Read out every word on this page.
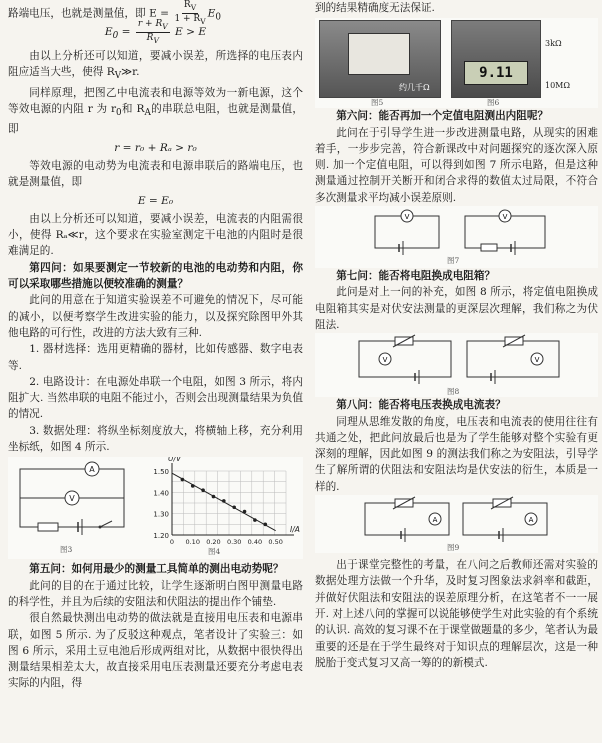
路端电压，也就是测量值，即 $E = \frac{R_V}{1 + R_V} E_0$

$E_0 = \frac{r + R_V}{R_V}$ E > E

由以上分析还可以知道，要减小误差，所选择的电压表内阻应适当大些，使得 $R_V≫r$.

同样原理，把图乙中电流表和电源等效为一新电源，这个等效电源的内阻 r 为 $r_0$和 $R_A$的串联总电阻，也就是测量值，即

r = r₀ + Rₐ > r₀

等效电源的电动势为电流表和电源串联后的路端电压，也就是测量值，即

E = E₀

由以上分析还可以知道，要减小误差，电流表的内阻需很小，使得 Rₐ≪r，这个要求在实验室测定干电池的内阻时是很难满足的.

第四问：如果要测定一节较新的电池的电动势和内阻，你可以采取哪些措施以便较准确的测量？

此问的用意在于知道实验误差不可避免的情况下，尽可能的减小，以便考察学生改进实验的能力，以及探究除图甲外其他电路的可行性，改进的方法大致有三种.

1. 器材选择：选用更精确的器材，比如传感器、数字电表等.

2. 电路设计：在电源处串联一个电阻，如图 3 所示，将内阻扩大. 当然串联的电阻不能过小，否则会出现测量结果为负值的情况.

3. 数据处理：将纵坐标刻度放大，将横轴上移，充分利用坐标纸，如图 4 所示.

A
V
图3
1.50
1.40
1.30
1.20
0 0.10 0.20 0.30 0.40 0.50
U/V
I/A
图4

第五问：如何用最少的测量工具简单的测出电动势呢？

此问的目的在于通过比较，让学生逐渐明白图甲测量电路的科学性，并且为后续的安阻法和伏阻法的提出作个铺垫.

很自然最快测出电动势的做法就是直接用电压表和电源串联，如图 5 所示. 为了反驳这种观点，笔者设计了实验三：如图 6 所示，采用土豆电池后形成两组对比，从数据中很快得出测量结果相差太大，故直接采用电压表测量还要充分考虑电表实际的内阻，得

到的结果精确度无法保证.

9.11
3kΩ
约几千Ω	10MΩ
图5	图6

第六问：能否再加一个定值电阻测出内阻呢？

此问在于引导学生进一步改进测量电路，从现实的困难着手，一步步完善，符合新课改中对问题探究的逐次深入原则. 加一个定值电阻，可以得到如图 7 所示电路，但是这种测量通过控制开关断开和闭合求得的数值太过局限，不符合多次测量求平均减小误差原则.

V	V
图7

第七问：能否将电阻换成电阻箱？

此问是对上一问的补充，如图 8 所示，将定值电阻换成电阻箱其实是对伏安法测量的更深层次理解，我们称之为伏阻法.

V	V
图8

第八问：能否将电压表换成电流表？

同理从思维发散的角度，电压表和电流表的使用往往有共通之处，把此问放最后也是为了学生能够对整个实验有更深刻的理解，因此如图 9 的测法我们称之为安阻法，引导学生了解所谓的伏阻法和安阻法均是伏安法的衍生，本质是一样的.

A	A
图9

出于课堂完整性的考量，在八问之后教师还需对实验的数据处理方法做一个升华，及时复习图象法求斜率和截距，并做好伏阻法和安阻法的误差原理分析，在这笔者不一一展开. 对上述八问的掌握可以说能够使学生对此实验的有个系统的认识. 高效的复习课不在于课堂做题量的多少，笔者认为最重要的还是在于学生最终对于知识点的理解层次，这是一种脱胎于变式复习又高一筹的的新模式.
